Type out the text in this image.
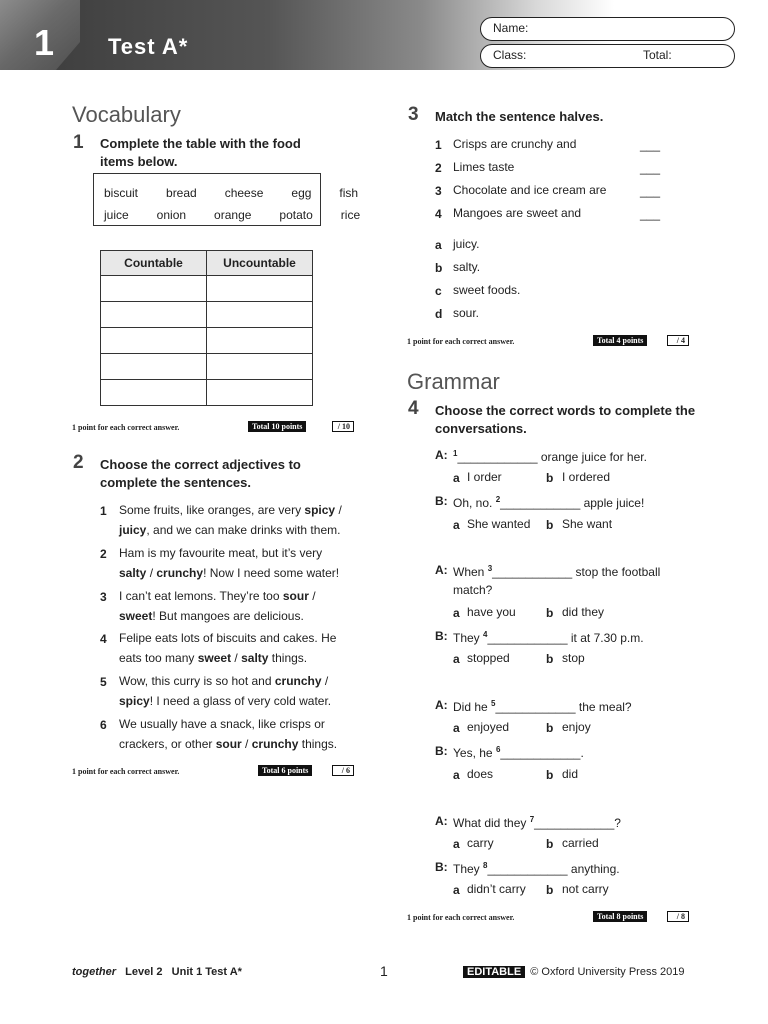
1 Test A*
Name:
Class:	Total:
Vocabulary
1 Complete the table with the food items below.
biscuit   bread   cheese   egg   fish
juice   onion   orange   potato   rice
Countable	Uncountable

1 point for each correct answer.	Total 10 points	/ 10
2 Choose the correct adjectives to complete the sentences.
1 Some fruits, like oranges, are very spicy /
juicy, and we can make drinks with them.
2 Ham is my favourite meat, but it’s very
salty / crunchy! Now I need some water!
3 I can’t eat lemons. They’re too sour /
sweet! But mangoes are delicious.
4 Felipe eats lots of biscuits and cakes. He
eats too many sweet / salty things.
5 Wow, this curry is so hot and crunchy /
spicy! I need a glass of very cold water.
6 We usually have a snack, like crisps or
crackers, or other sour / crunchy things.
1 point for each correct answer.	Total 6 points	/ 6
3 Match the sentence halves.
1 Crisps are crunchy and	___
2 Limes taste	___
3 Chocolate and ice cream are	___
4 Mangoes are sweet and	___
a juicy.
b salty.
c sweet foods.
d sour.
1 point for each correct answer.	Total 4 points	/ 4
Grammar
4 Choose the correct words to complete the conversations.
A: $^1$____________ orange juice for her.
a I order	b I ordered
B: Oh, no. $^2$____________ apple juice!
a She wanted b She want
A: When $^3$____________ stop the football
match?
a have you	b did they
B: They $^4$____________ it at 7.30 p.m.
a stopped	b stop
A: Did he $^5$____________ the meal?
a enjoyed	b enjoy
B: Yes, he $^6$____________.
a does	b did
A: What did they $^7$____________?
a carry	b carried
B: They $^8$____________ anything.
a didn’t carry b not carry
1 point for each correct answer.	Total 8 points	/ 8
together Level 2 Unit 1 Test A*	1	EDITABLE © Oxford University Press 2019
